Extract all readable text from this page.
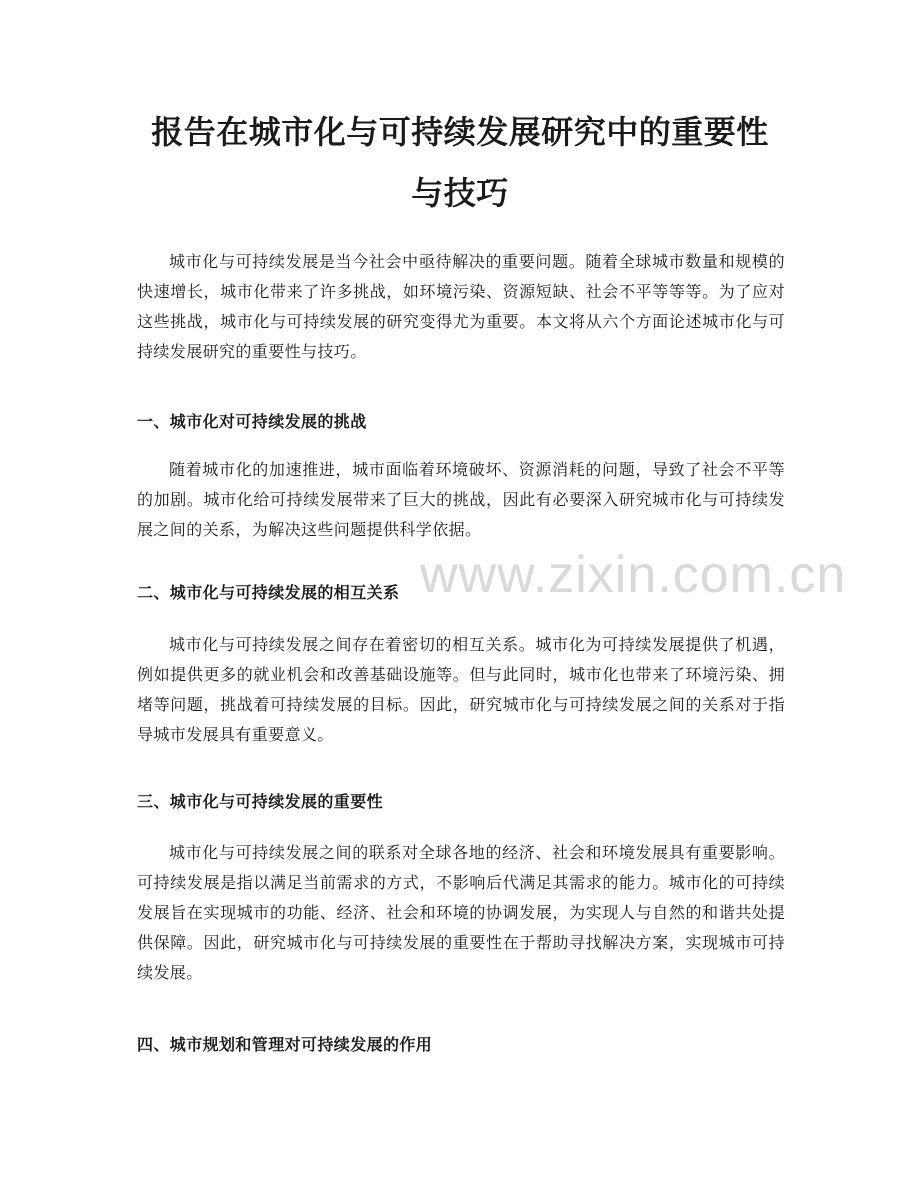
报告在城市化与可持续发展研究中的重要性
与技巧

城市化与可持续发展是当今社会中亟待解决的重要问题。随着全球城市数量和规模的快速增长，城市化带来了许多挑战，如环境污染、资源短缺、社会不平等等等。为了应对这些挑战，城市化与可持续发展的研究变得尤为重要。本文将从六个方面论述城市化与可持续发展研究的重要性与技巧。

一、城市化对可持续发展的挑战

随着城市化的加速推进，城市面临着环境破坏、资源消耗的问题，导致了社会不平等的加剧。城市化给可持续发展带来了巨大的挑战，因此有必要深入研究城市化与可持续发展之间的关系，为解决这些问题提供科学依据。

二、城市化与可持续发展的相互关系

城市化与可持续发展之间存在着密切的相互关系。城市化为可持续发展提供了机遇，例如提供更多的就业机会和改善基础设施等。但与此同时，城市化也带来了环境污染、拥堵等问题，挑战着可持续发展的目标。因此，研究城市化与可持续发展之间的关系对于指导城市发展具有重要意义。

三、城市化与可持续发展的重要性

城市化与可持续发展之间的联系对全球各地的经济、社会和环境发展具有重要影响。可持续发展是指以满足当前需求的方式，不影响后代满足其需求的能力。城市化的可持续发展旨在实现城市的功能、经济、社会和环境的协调发展，为实现人与自然的和谐共处提供保障。因此，研究城市化与可持续发展的重要性在于帮助寻找解决方案，实现城市可持续发展。

四、城市规划和管理对可持续发展的作用
www.zixin.com.cn
